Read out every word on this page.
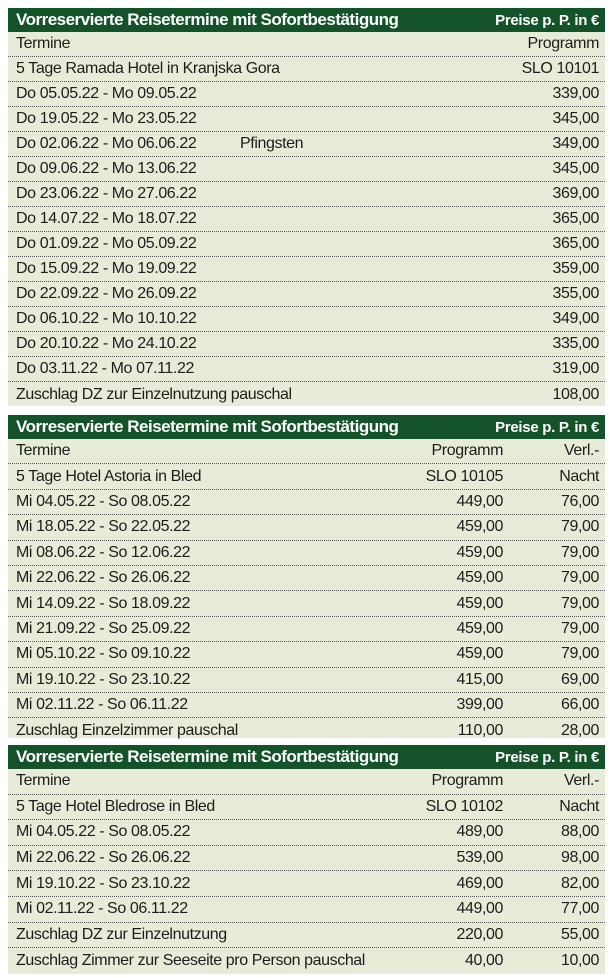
Vorreservierte Reisetermine mit Sofortbestätigung	Preise p. P. in €
Termine	Programm
5 Tage Ramada Hotel in Kranjska Gora	SLO 10101
Do 05.05.22 - Mo 09.05.22	339,00
Do 19.05.22 - Mo 23.05.22	345,00
Do 02.06.22 - Mo 06.06.22	Pfingsten	349,00
Do 09.06.22 - Mo 13.06.22	345,00
Do 23.06.22 - Mo 27.06.22	369,00
Do 14.07.22 - Mo 18.07.22	365,00
Do 01.09.22 - Mo 05.09.22	365,00
Do 15.09.22 - Mo 19.09.22	359,00
Do 22.09.22 - Mo 26.09.22	355,00
Do 06.10.22 - Mo 10.10.22	349,00
Do 20.10.22 - Mo 24.10.22	335,00
Do 03.11.22 - Mo 07.11.22	319,00
Zuschlag DZ zur Einzelnutzung pauschal	108,00
Vorreservierte Reisetermine mit Sofortbestätigung	Preise p. P. in €
Termine	Programm	Verl.-
5 Tage Hotel Astoria in Bled	SLO 10105	Nacht
Mi 04.05.22 - So 08.05.22	449,00	76,00
Mi 18.05.22 - So 22.05.22	459,00	79,00
Mi 08.06.22 - So 12.06.22	459,00	79,00
Mi 22.06.22 - So 26.06.22	459,00	79,00
Mi 14.09.22 - So 18.09.22	459,00	79,00
Mi 21.09.22 - So 25.09.22	459,00	79,00
Mi 05.10.22 - So 09.10.22	459,00	79,00
Mi 19.10.22 - So 23.10.22	415,00	69,00
Mi 02.11.22 - So 06.11.22	399,00	66,00
Zuschlag Einzelzimmer pauschal	110,00	28,00
Vorreservierte Reisetermine mit Sofortbestätigung	Preise p. P. in €
Termine	Programm	Verl.-
5 Tage Hotel Bledrose in Bled	SLO 10102	Nacht
Mi 04.05.22 - So 08.05.22	489,00	88,00
Mi 22.06.22 - So 26.06.22	539,00	98,00
Mi 19.10.22 - So 23.10.22	469,00	82,00
Mi 02.11.22 - So 06.11.22	449,00	77,00
Zuschlag DZ zur Einzelnutzung	220,00	55,00
Zuschlag Zimmer zur Seeseite pro Person pauschal	40,00	10,00
